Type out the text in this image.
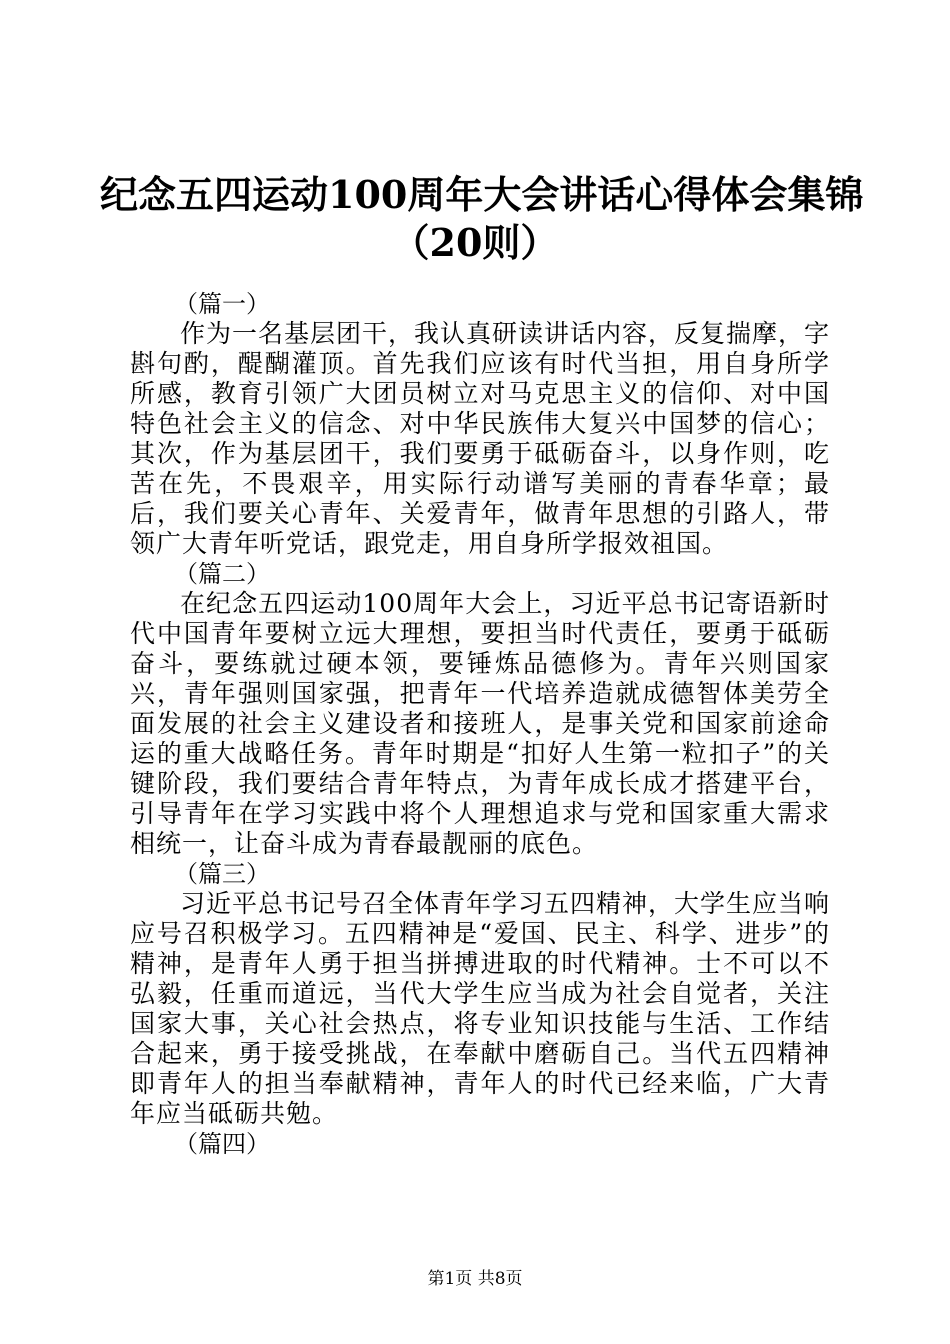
纪念五四运动100周年大会讲话心得体会集锦
（20则）

（篇一）

作为一名基层团干，我认真研读讲话内容，反复揣摩，字斟句酌，醍醐灌顶。首先我们应该有时代当担，用自身所学所感，教育引领广大团员树立对马克思主义的信仰、对中国特色社会主义的信念、对中华民族伟大复兴中国梦的信心；其次，作为基层团干，我们要勇于砥砺奋斗，以身作则，吃苦在先，不畏艰辛，用实际行动谱写美丽的青春华章；最后，我们要关心青年、关爱青年，做青年思想的引路人，带领广大青年听党话，跟党走，用自身所学报效祖国。

（篇二）

在纪念五四运动100周年大会上，习近平总书记寄语新时代中国青年要树立远大理想，要担当时代责任，要勇于砥砺奋斗，要练就过硬本领，要锤炼品德修为。青年兴则国家兴，青年强则国家强，把青年一代培养造就成德智体美劳全面发展的社会主义建设者和接班人，是事关党和国家前途命运的重大战略任务。青年时期是“扣好人生第一粒扣子”的关键阶段，我们要结合青年特点，为青年成长成才搭建平台，引导青年在学习实践中将个人理想追求与党和国家重大需求相统一，让奋斗成为青春最靓丽的底色。

（篇三）

习近平总书记号召全体青年学习五四精神，大学生应当响应号召积极学习。五四精神是“爱国、民主、科学、进步”的精神，是青年人勇于担当拼搏进取的时代精神。士不可以不弘毅，任重而道远，当代大学生应当成为社会自觉者，关注国家大事，关心社会热点，将专业知识技能与生活、工作结合起来，勇于接受挑战，在奉献中磨砺自己。当代五四精神即青年人的担当奉献精神，青年人的时代已经来临，广大青年应当砥砺共勉。

（篇四）

第1页 共8页
